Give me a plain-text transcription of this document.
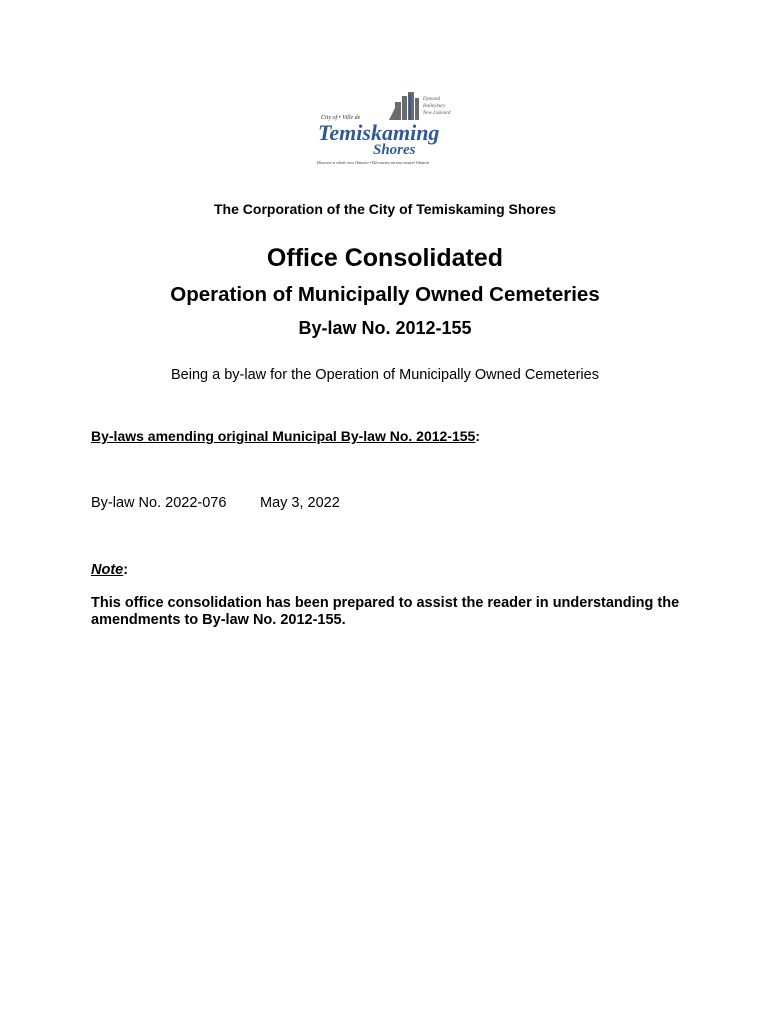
City of • Ville de
Dymond
Haileybury
New Liskeard
Temiskaming
Shores
Discover a whole new Ontario • Découvrez un tout nouvel Ontario
The Corporation of the City of Temiskaming Shores
Office Consolidated
Operation of Municipally Owned Cemeteries
By-law No. 2012-155
Being a by-law for the Operation of Municipally Owned Cemeteries
By-laws amending original Municipal By-law No. 2012-155:
By-law No. 2022-076 May 3, 2022
Note:
This office consolidation has been prepared to assist the reader in understanding the amendments to By-law No. 2012-155.
